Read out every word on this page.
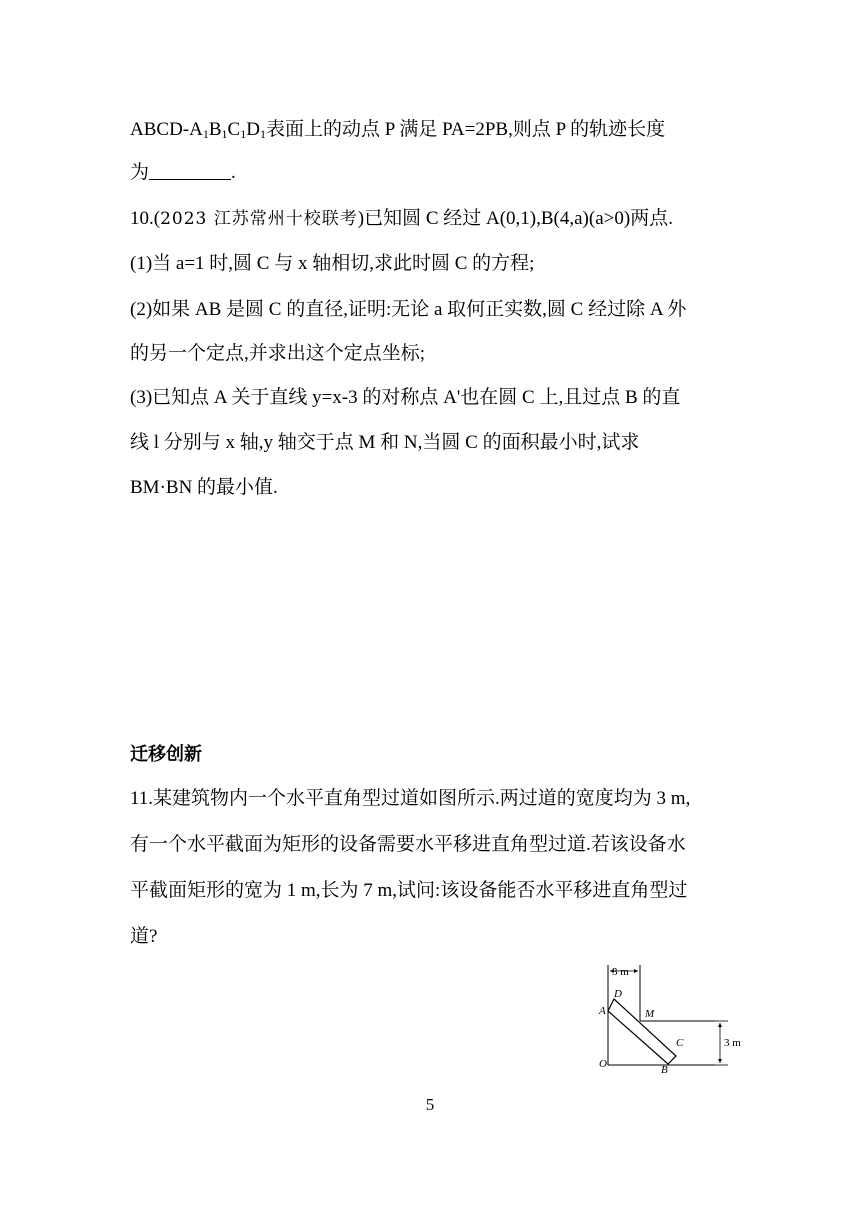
ABCD-$A_1B_1C_1D_1$表面上的动点 P 满足 PA=2PB,则点 P 的轨迹长度
为	.
10.(2023 江苏常州十校联考)已知圆 C 经过 A(0,1),B(4,a)(a>0)两点.
(1)当 a=1 时,圆 C 与 x 轴相切,求此时圆 C 的方程;
(2)如果 AB 是圆 C 的直径,证明:无论 a 取何正实数,圆 C 经过除 A 外
的另一个定点,并求出这个定点坐标;
(3)已知点 A 关于直线 y=x-3 的对称点 A'也在圆 C 上,且过点 B 的直
线 l 分别与 x 轴,y 轴交于点 M 和 N,当圆 C 的面积最小时,试求
BM·BN 的最小值.
迁移创新
11.某建筑物内一个水平直角型过道如图所示.两过道的宽度均为 3 m,
有一个水平截面为矩形的设备需要水平移进直角型过道.若该设备水
平截面矩形的宽为 1 m,长为 7 m,试问:该设备能否水平移进直角型过
道?
3 m
3 m
D
A	M
C
O	B
5
